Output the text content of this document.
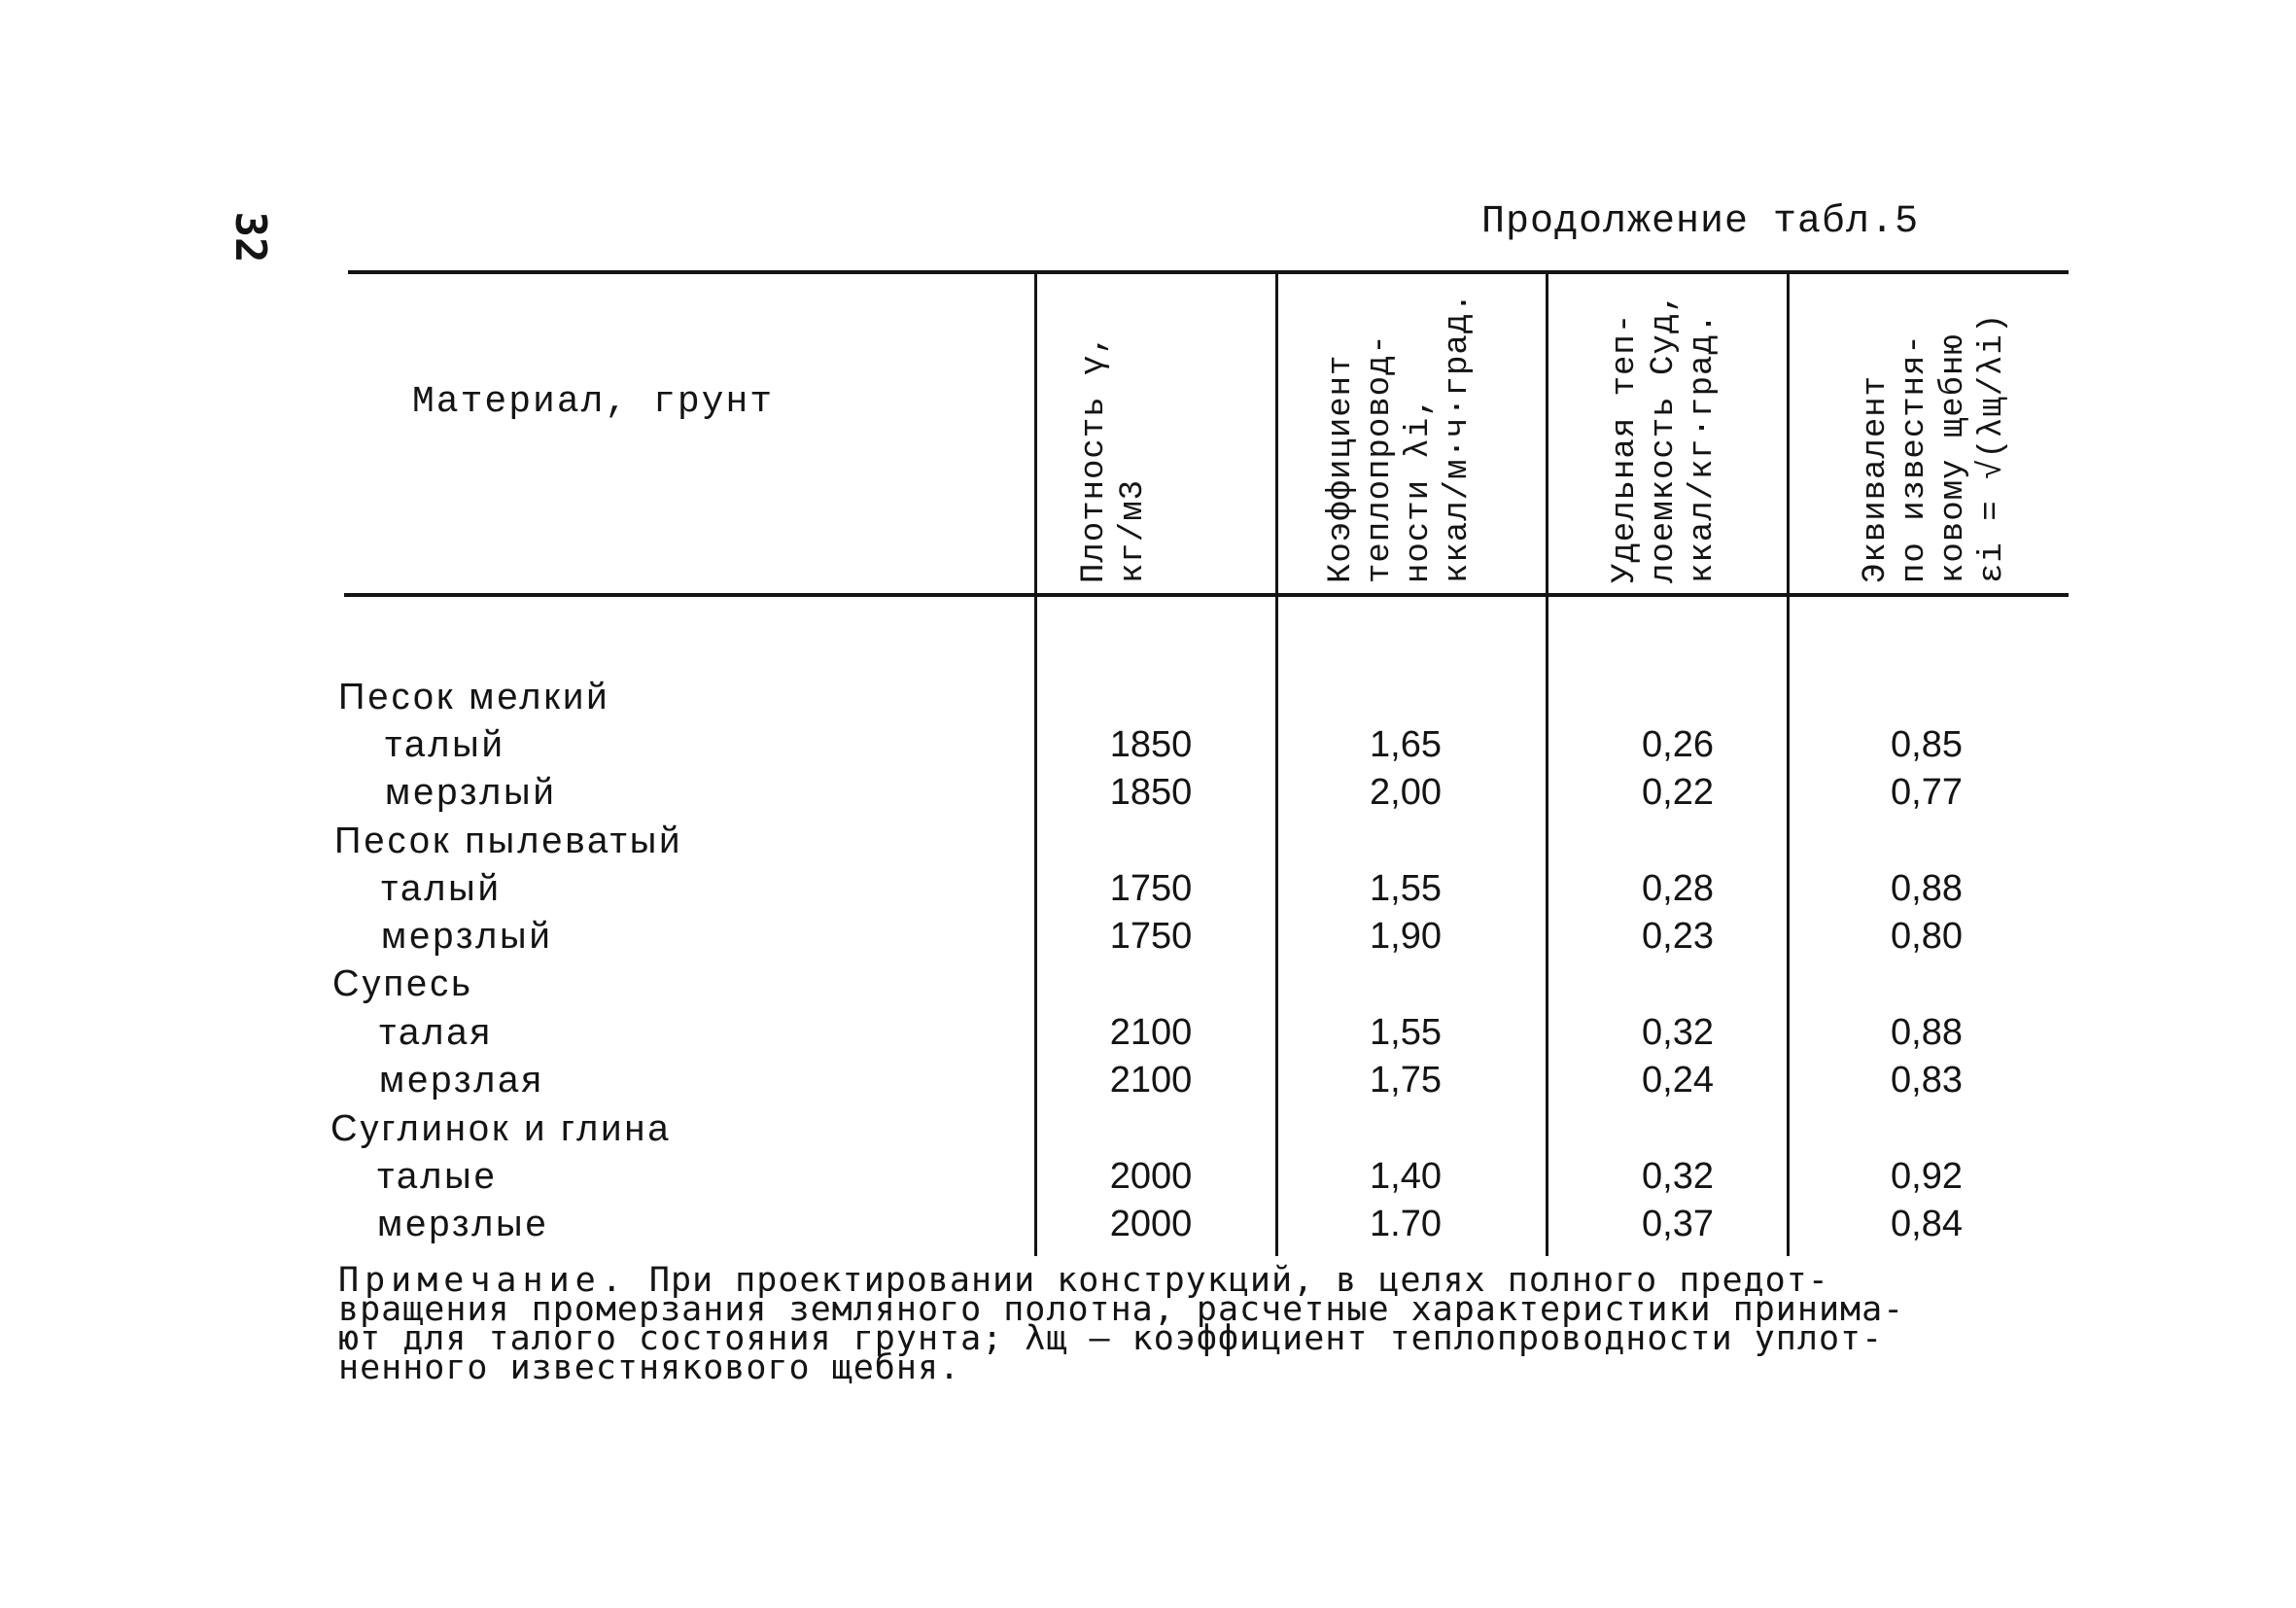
32	Продолжение табл.5
Материал, грунт	Плотность γ, кг/м3	Коэффициент теплопровод- ности λi, ккал/м·ч·град.	Удельная теп- лоемкость Cуд, ккал/кг·град.	Эквивалент по известня- ковому щебню εi = √(λщ/λi)
Песок мелкий
талый	1850	1,65	0,26	0,85
мерзлый	1850	2,00	0,22	0,77
Песок пылеватый
талый	1750	1,55	0,28	0,88
мерзлый	1750	1,90	0,23	0,80
Супесь
талая	2100	1,55	0,32	0,88
мерзлая	2100	1,75	0,24	0,83
Суглинок и глина
талые	2000	1,40	0,32	0,92
мерзлые	2000	1.70	0,37	0,84
Примечание. При проектировании конструкций, в целях полного предот-
вращения промерзания земляного полотна, расчетные характеристики принима-
ют для талого состояния грунта; λщ – коэффициент теплопроводности уплот-
ненного известнякового щебня.
